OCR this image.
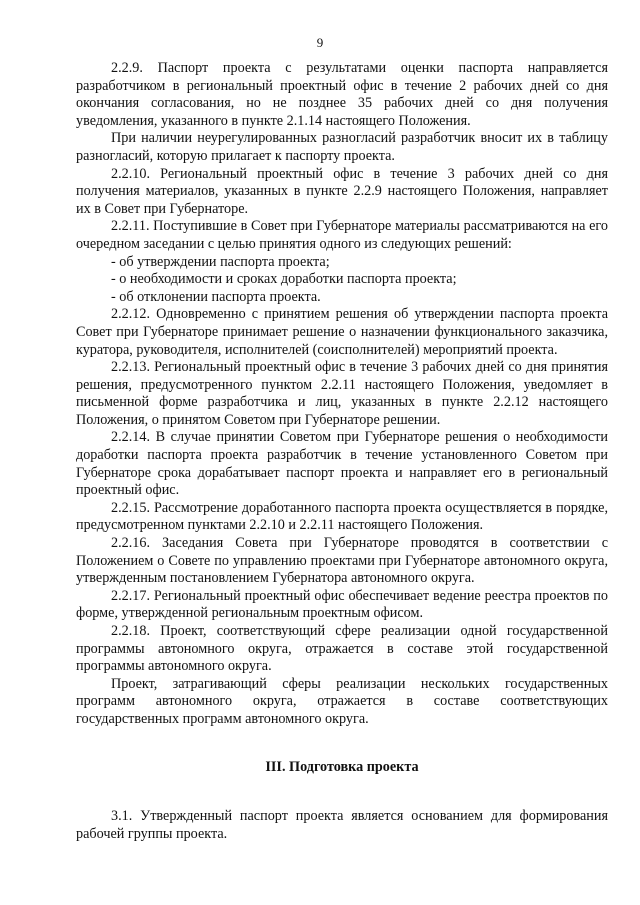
9

2.2.9. Паспорт проекта с результатами оценки паспорта направляется разработчиком в региональный проектный офис в течение 2 рабочих дней со дня окончания согласования, но не позднее 35 рабочих дней со дня получения уведомления, указанного в пункте 2.1.14 настоящего Положения.

При наличии неурегулированных разногласий разработчик вносит их в таблицу разногласий, которую прилагает к паспорту проекта.

2.2.10. Региональный проектный офис в течение 3 рабочих дней со дня получения материалов, указанных в пункте 2.2.9 настоящего Положения, направляет их в Совет при Губернаторе.

2.2.11. Поступившие в Совет при Губернаторе материалы рассматриваются на его очередном заседании с целью принятия одного из следующих решений:

- об утверждении паспорта проекта;

- о необходимости и сроках доработки паспорта проекта;

- об отклонении паспорта проекта.

2.2.12. Одновременно с принятием решения об утверждении паспорта проекта Совет при Губернаторе принимает решение о назначении функционального заказчика, куратора, руководителя, исполнителей (соисполнителей) мероприятий проекта.

2.2.13. Региональный проектный офис в течение 3 рабочих дней со дня принятия решения, предусмотренного пунктом 2.2.11 настоящего Положения, уведомляет в письменной форме разработчика и лиц, указанных в пункте 2.2.12 настоящего Положения, о принятом Советом при Губернаторе решении.

2.2.14. В случае принятии Советом при Губернаторе решения о необходимости доработки паспорта проекта разработчик в течение установленного Советом при Губернаторе срока дорабатывает паспорт проекта и направляет его в региональный проектный офис.

2.2.15. Рассмотрение доработанного паспорта проекта осуществляется в порядке, предусмотренном пунктами 2.2.10 и 2.2.11 настоящего Положения.

2.2.16. Заседания Совета при Губернаторе проводятся в соответствии с Положением о Совете по управлению проектами при Губернаторе автономного округа, утвержденным постановлением Губернатора автономного округа.

2.2.17. Региональный проектный офис обеспечивает ведение реестра проектов по форме, утвержденной региональным проектным офисом.

2.2.18. Проект, соответствующий сфере реализации одной государственной программы автономного округа, отражается в составе этой государственной программы автономного округа.

Проект, затрагивающий сферы реализации нескольких государственных программ автономного округа, отражается в составе соответствующих государственных программ автономного округа.

III. Подготовка проекта

3.1. Утвержденный паспорт проекта является основанием для формирования рабочей группы проекта.
